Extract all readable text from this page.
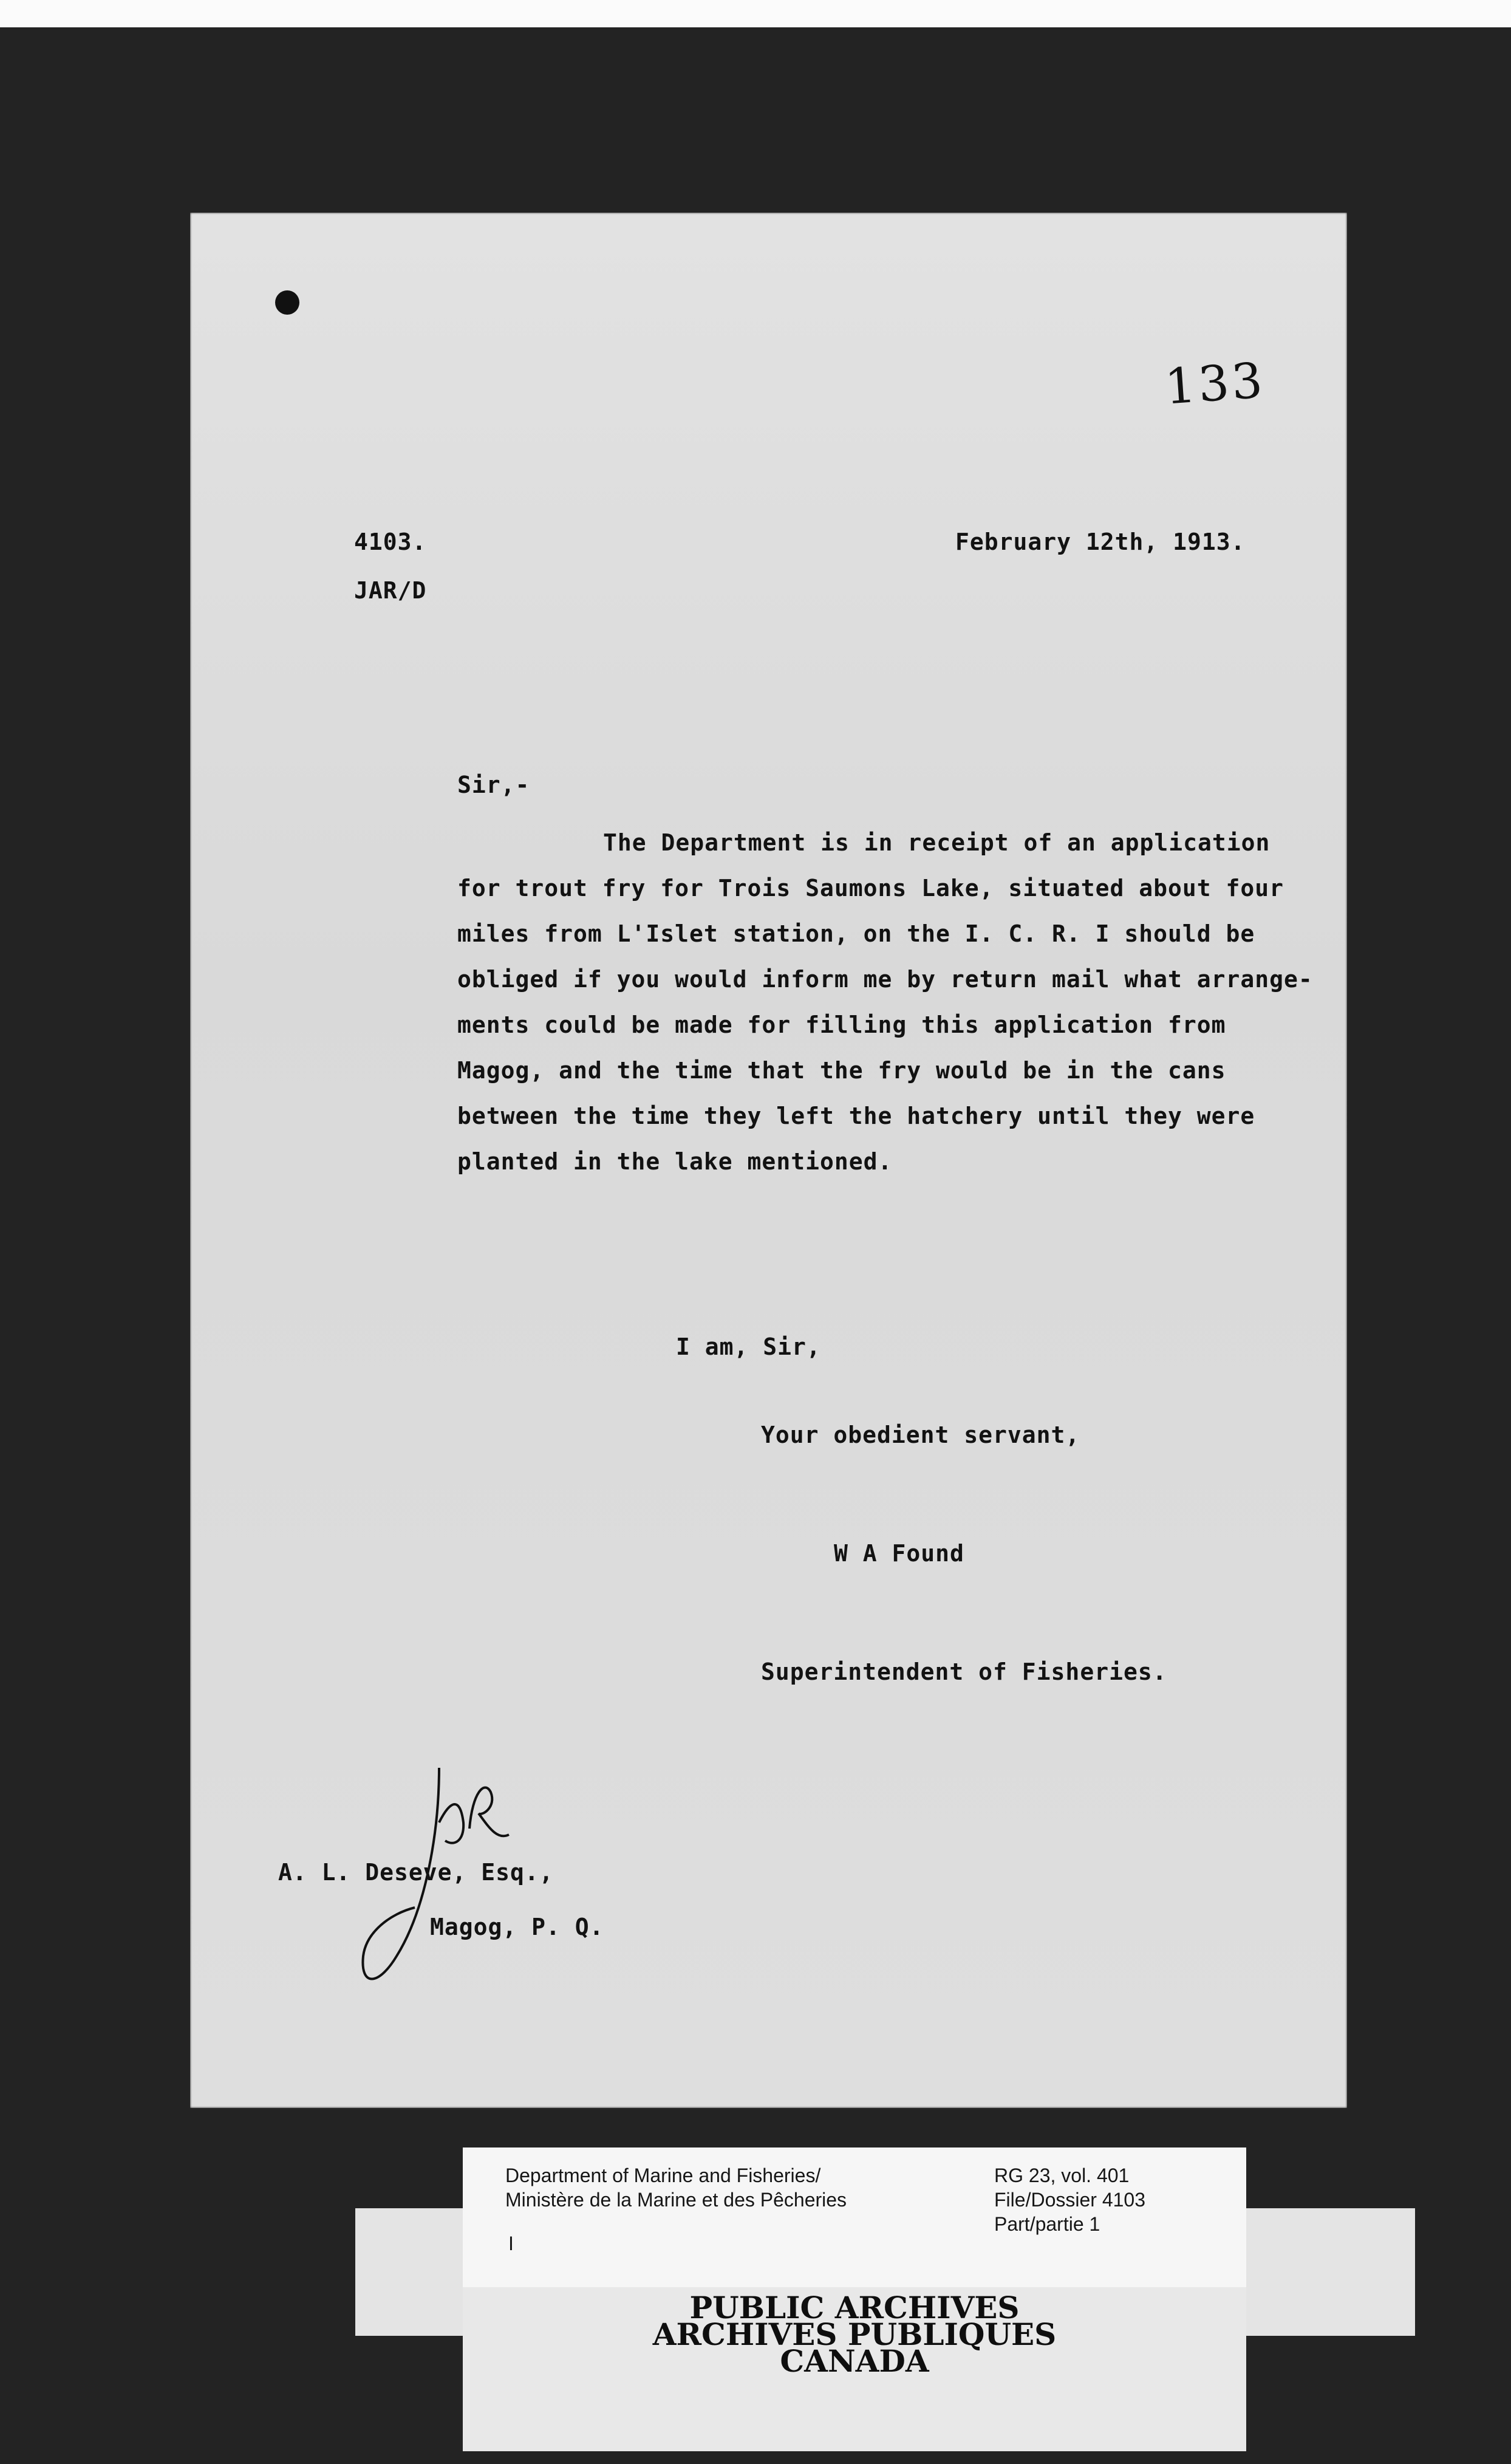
133
4103.
JAR/D
February 12th, 1913.
Sir,-
The Department is in receipt of an application
for trout fry for Trois Saumons Lake, situated about four
miles from L'Islet station, on the I. C. R. I should be
obliged if you would inform me by return mail what arrange-
ments could be made for filling this application from
Magog, and the time that the fry would be in the cans
between the time they left the hatchery until they were
planted in the lake mentioned.
I am, Sir,
Your obedient servant,
W A Found
Superintendent of Fisheries.
A. L. Deseve, Esq.,
Magog, P. Q.
Department of Marine and Fisheries/
Ministère de la Marine et des Pêcheries
I
RG 23, vol. 401
File/Dossier 4103
Part/partie 1
PUBLIC ARCHIVES
ARCHIVES PUBLIQUES
CANADA
